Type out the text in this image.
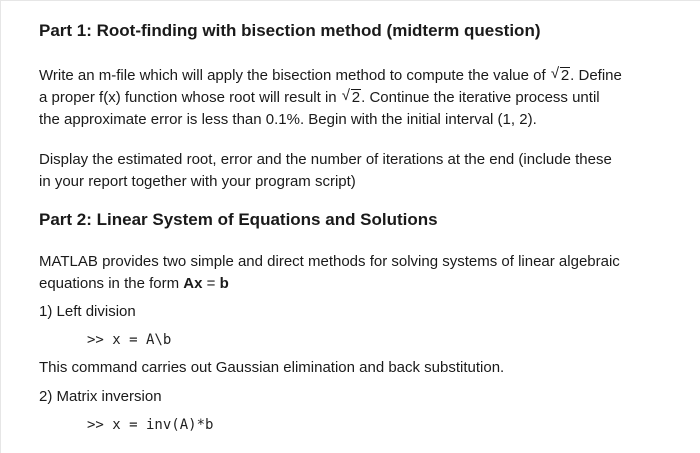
Part 1: Root-finding with bisection method (midterm question)
Write an m-file which will apply the bisection method to compute the value of √ 2. Define
a proper f(x) function whose root will result in √ 2. Continue the iterative process until
the approximate error is less than 0.1%. Begin with the initial interval (1, 2).
Display the estimated root, error and the number of iterations at the end (include these
in your report together with your program script)
Part 2: Linear System of Equations and Solutions
MATLAB provides two simple and direct methods for solving systems of linear algebraic
equations in the form Ax = b
1) Left division
>> x = A\b
This command carries out Gaussian elimination and back substitution.
2) Matrix inversion
>> x = inv(A)*b
